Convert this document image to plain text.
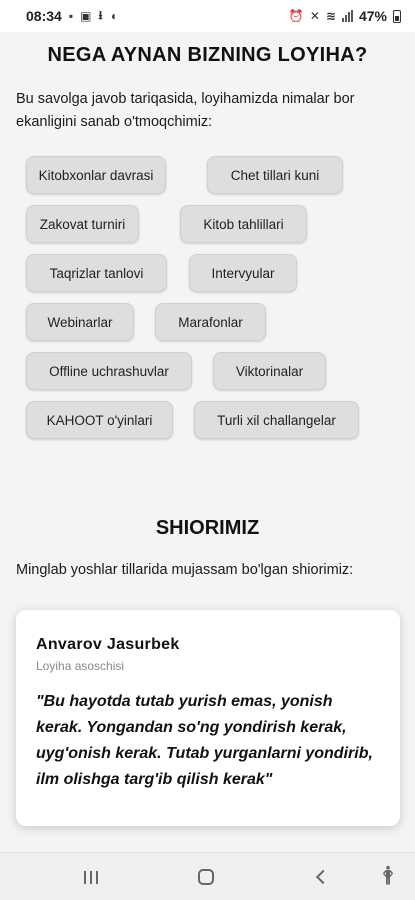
08:34 ▪ ▣ ⭳ ◖	⏰ ✕ ≋ 47%
NEGA AYNAN BIZNING LOYIHA?

Bu savolga javob tariqasida, loyihamizda nimalar bor ekanligini sanab o'tmoqchimiz:

Kitobxonlar davrasi	Chet tillari kuni
Zakovat turniri	Kitob tahlillari
Taqrizlar tanlovi	Intervyular
Webinarlar	Marafonlar
Offline uchrashuvlar	Viktorinalar
KAHOOT o'yinlari	Turli xil challangelar
SHIORIMIZ

Minglab yoshlar tillarida mujassam bo'lgan shiorimiz:

Anvarov Jasurbek
Loyiha asoschisi
"Bu hayotda tutab yurish emas, yonish kerak. Yongandan so'ng yondirish kerak, uyg'onish kerak. Tutab yurganlarni yondirib, ilm olishga targ'ib qilish kerak"
🛉
